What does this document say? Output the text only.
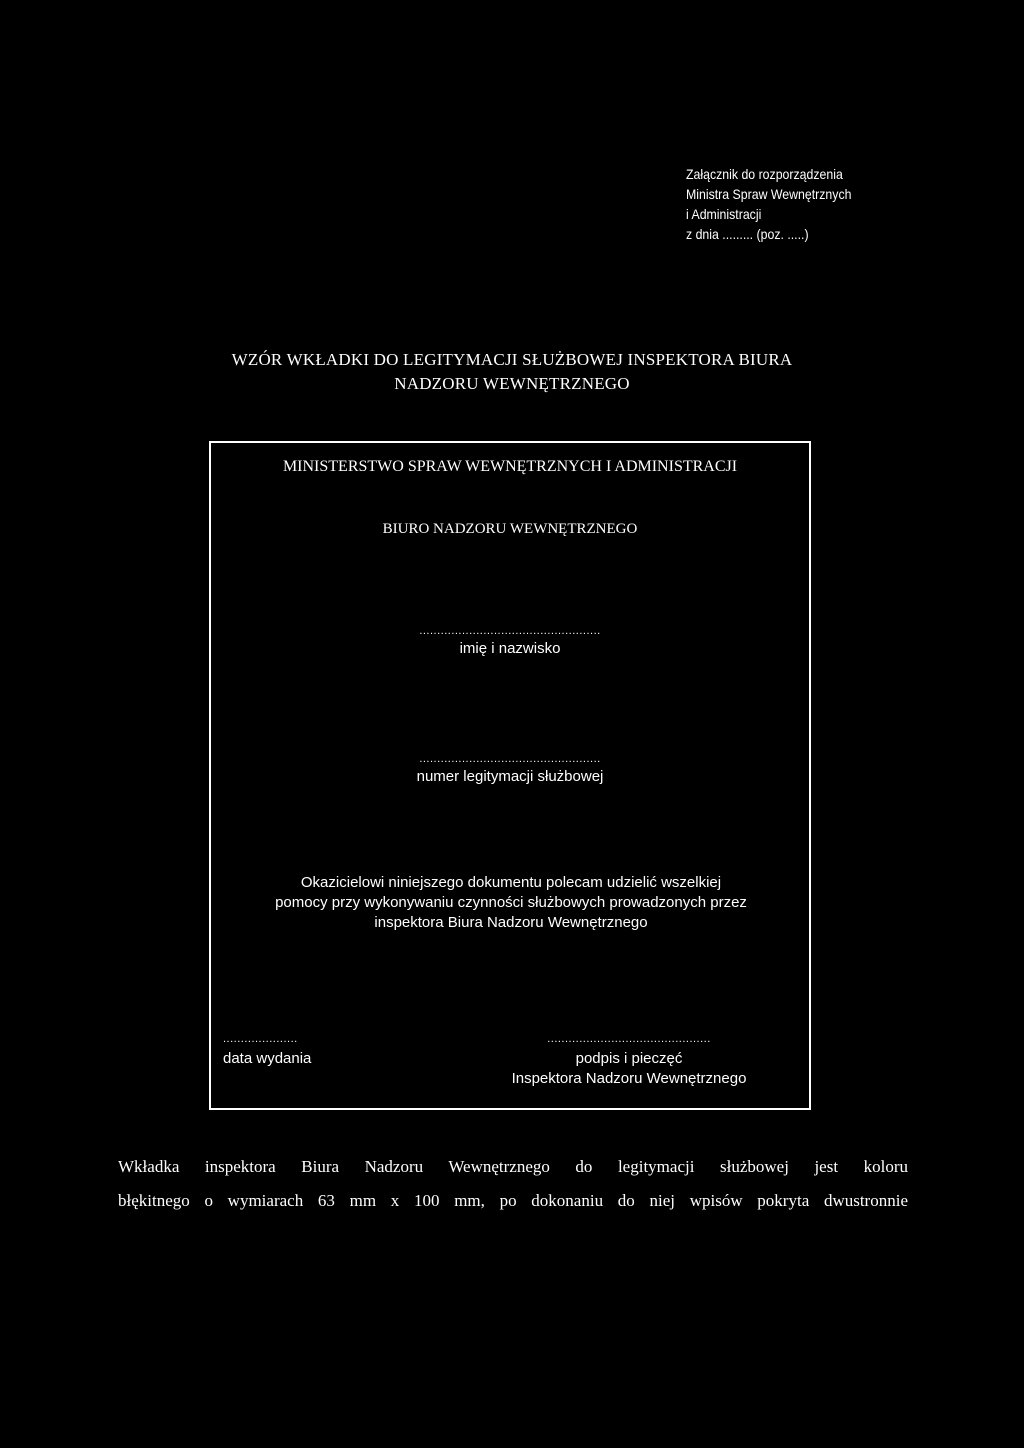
Załącznik do rozporządzenia
Ministra Spraw Wewnętrznych
i Administracji
z dnia ......... (poz. .....)
WZÓR WKŁADKI DO LEGITYMACJI SŁUŻBOWEJ INSPEKTORA BIURA
NADZORU WEWNĘTRZNEGO
MINISTERSTWO SPRAW WEWNĘTRZNYCH I ADMINISTRACJI
BIURO NADZORU WEWNĘTRZNEGO
...................................................
imię i nazwisko
...................................................
numer legitymacji służbowej
Okazicielowi niniejszego dokumentu polecam udzielić wszelkiej
pomocy przy wykonywaniu czynności służbowych prowadzonych przez
inspektora Biura Nadzoru Wewnętrznego
.....................
data wydania
..............................................
podpis i pieczęć
Inspektora Nadzoru Wewnętrznego
Wkładka inspektora Biura Nadzoru Wewnętrznego do legitymacji służbowej jest koloru
błękitnego o wymiarach 63 mm x 100 mm, po dokonaniu do niej wpisów pokryta dwustronnie
